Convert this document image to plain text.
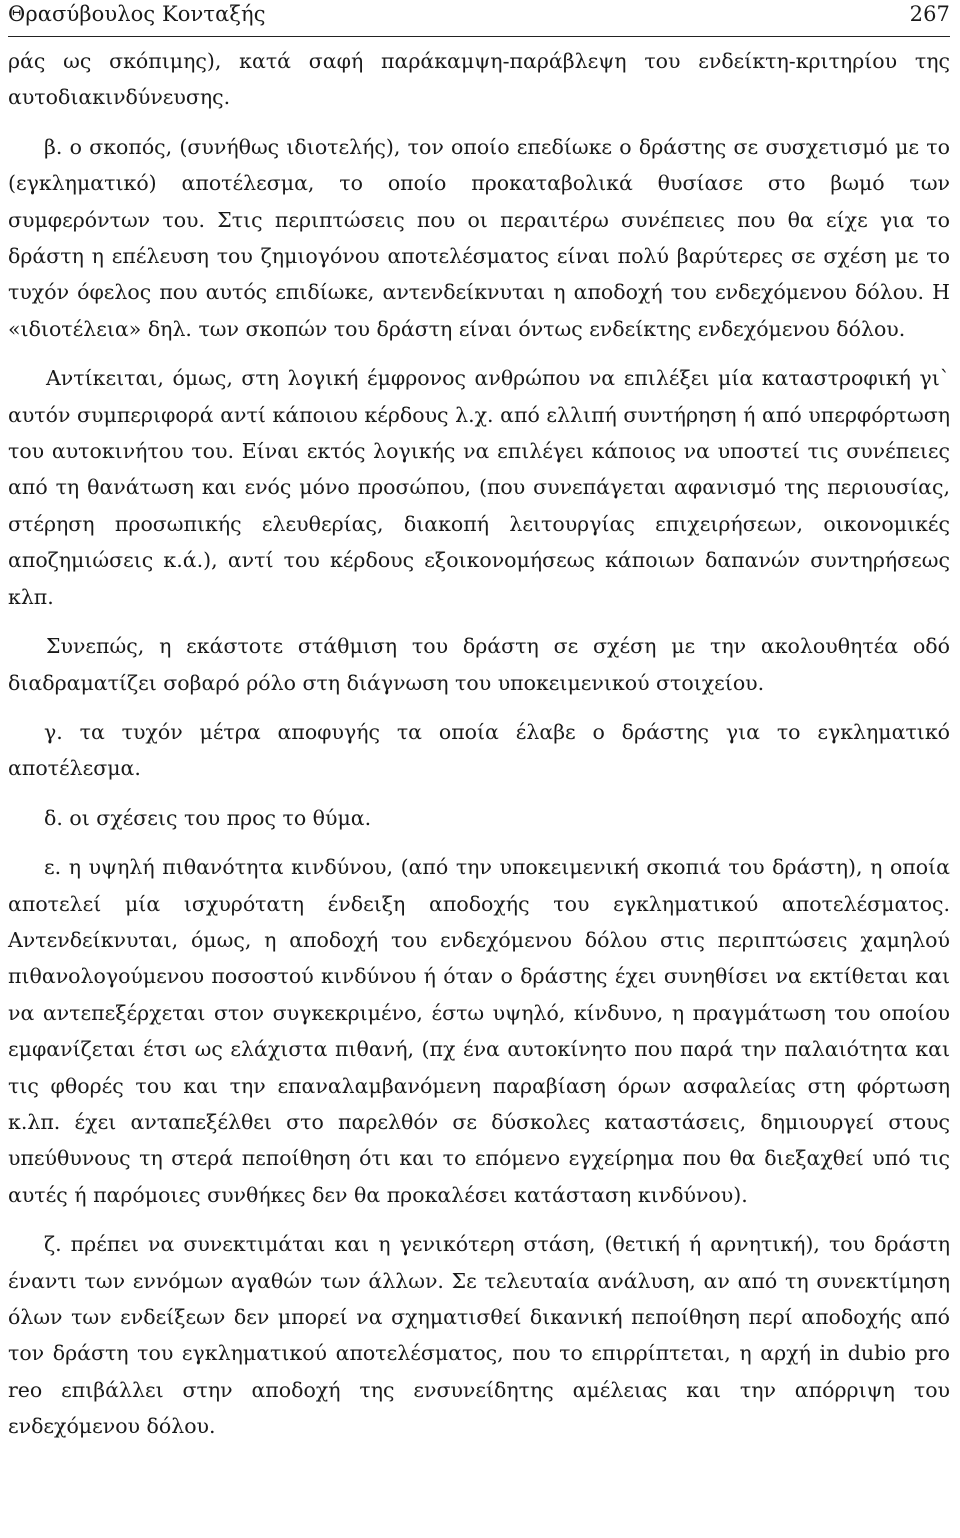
Θρασύβουλος Κονταξής	267

ράς ως σκόπιμης), κατά σαφή παράκαμψη-παράβλεψη του ενδείκτη-κριτηρίου της αυτοδιακινδύνευσης.

β. ο σκοπός, (συνήθως ιδιοτελής), τον οποίο επεδίωκε ο δράστης σε συσχετισμό με το (εγκληματικό) αποτέλεσμα, το οποίο προκαταβολικά θυσίασε στο βωμό των συμφερόντων του. Στις περιπτώσεις που οι περαιτέρω συνέπειες που θα είχε για το δράστη η επέλευση του ζημιογόνου αποτελέσματος είναι πολύ βαρύτερες σε σχέση με το τυχόν όφελος που αυτός επιδίωκε, αντενδείκνυται η αποδοχή του ενδεχόμενου δόλου. Η «ιδιοτέλεια» δηλ. των σκοπών του δράστη είναι όντως ενδείκτης ενδεχόμενου δόλου.

Αντίκειται, όμως, στη λογική έμφρονος ανθρώπου να επιλέξει μία καταστροφική γι` αυτόν συμπεριφορά αντί κάποιου κέρδους λ.χ. από ελλιπή συντήρηση ή από υπερφόρτωση του αυτοκινήτου του. Είναι εκτός λογικής να επιλέγει κάποιος να υποστεί τις συνέπειες από τη θανάτωση και ενός μόνο προσώπου, (που συνεπάγεται αφανισμό της περιουσίας, στέρηση προσωπικής ελευθερίας, διακοπή λειτουργίας επιχειρήσεων, οικονομικές αποζημιώσεις κ.ά.), αντί του κέρδους εξοικονομήσεως κάποιων δαπανών συντηρήσεως κλπ.

Συνεπώς, η εκάστοτε στάθμιση του δράστη σε σχέση με την ακολουθητέα οδό διαδραματίζει σοβαρό ρόλο στη διάγνωση του υποκειμενικού στοιχείου.

γ. τα τυχόν μέτρα αποφυγής τα οποία έλαβε ο δράστης για το εγκληματικό αποτέλεσμα.

δ. οι σχέσεις του προς το θύμα.

ε. η υψηλή πιθανότητα κινδύνου, (από την υποκειμενική σκοπιά του δράστη), η οποία αποτελεί μία ισχυρότατη ένδειξη αποδοχής του εγκληματικού αποτελέσματος. Αντενδείκνυται, όμως, η αποδοχή του ενδεχόμενου δόλου στις περιπτώσεις χαμηλού πιθανολογούμενου ποσοστού κινδύνου ή όταν ο δράστης έχει συνηθίσει να εκτίθεται και να αντεπεξέρχεται στον συγκεκριμένο, έστω υψηλό, κίνδυνο, η πραγμάτωση του οποίου εμφανίζεται έτσι ως ελάχιστα πιθανή, (πχ ένα αυτοκίνητο που παρά την παλαιότητα και τις φθορές του και την επαναλαμβανόμενη παραβίαση όρων ασφαλείας στη φόρτωση κ.λπ. έχει ανταπεξέλθει στο παρελθόν σε δύσκολες καταστάσεις, δημιουργεί στους υπεύθυνους τη στερά πεποίθηση ότι και το επόμενο εγχείρημα που θα διεξαχθεί υπό τις αυτές ή παρόμοιες συνθήκες δεν θα προκαλέσει κατάσταση κινδύνου).

ζ. πρέπει να συνεκτιμάται και η γενικότερη στάση, (θετική ή αρνητική), του δράστη έναντι των εννόμων αγαθών των άλλων. Σε τελευταία ανάλυση, αν από τη συνεκτίμηση όλων των ενδείξεων δεν μπορεί να σχηματισθεί δικανική πεποίθηση περί αποδοχής από τον δράστη του εγκληματικού αποτελέσματος, που το επιρρίπτεται, η αρχή in dubio pro reo επιβάλλει στην αποδοχή της ενσυνείδητης αμέλειας και την απόρριψη του ενδεχόμενου δόλου.
